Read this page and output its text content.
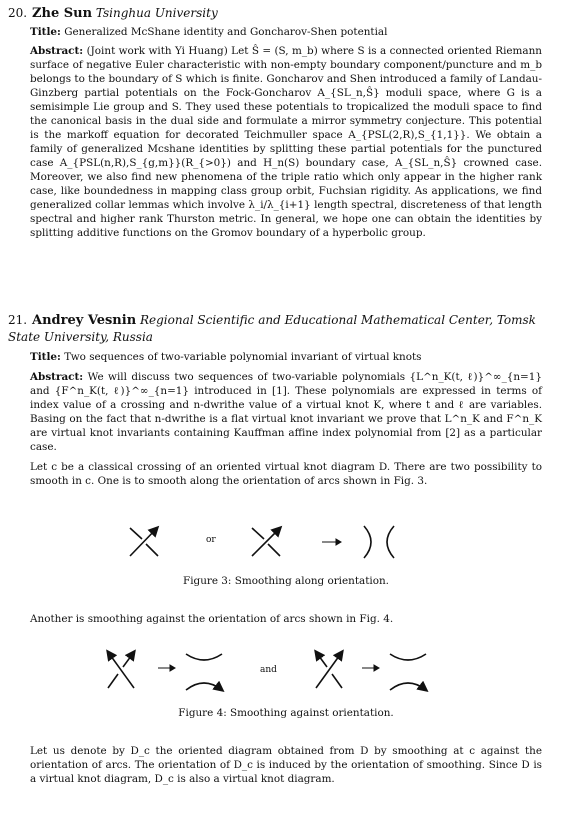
20. Zhe Sun Tsinghua University
Title: Generalized McShane identity and Goncharov-Shen potential

Abstract: (Joint work with Yi Huang) Let Ŝ = (S, m_b) where S is a connected oriented Riemann surface of negative Euler characteristic with non-empty boundary component/puncture and m_b belongs to the boundary of S which is finite. Goncharov and Shen introduced a family of Landau-Ginzberg partial potentials on the Fock-Goncharov A_{SL_n,Ŝ} moduli space, where G is a semisimple Lie group and S. They used these potentials to tropicalized the moduli space to find the canonical basis in the dual side and formulate a mirror symmetry conjecture. This potential is the markoff equation for decorated Teichmuller space A_{PSL(2,R),S_{1,1}}. We obtain a family of generalized Mcshane identities by splitting these partial potentials for the punctured case A_{PSL(n,R),S_{g,m}}(R_{>0}) and H_n(S) boundary case, A_{SL_n,Ŝ} crowned case. Moreover, we also find new phenomena of the triple ratio which only appear in the higher rank case, like boundedness in mapping class group orbit, Fuchsian rigidity. As applications, we find generalized collar lemmas which involve λ_i/λ_{i+1} length spectral, discreteness of that length spectral and higher rank Thurston metric. In general, we hope one can obtain the identities by splitting additive functions on the Gromov boundary of a hyperbolic group.

21. Andrey Vesnin Regional Scientific and Educational Mathematical Center, Tomsk State University, Russia
Title: Two sequences of two-variable polynomial invariant of virtual knots

Abstract: We will discuss two sequences of two-variable polynomials {L^n_K(t, ℓ)}^∞_{n=1} and {F^n_K(t, ℓ)}^∞_{n=1} introduced in [1]. These polynomials are expressed in terms of index value of a crossing and n-dwrithe value of a virtual knot K, where t and ℓ are variables. Basing on the fact that n-dwrithe is a flat virtual knot invariant we prove that L^n_K and F^n_K are virtual knot invariants containing Kauffman affine index polynomial from [2] as a particular case.

Let c be a classical crossing of an oriented virtual knot diagram D. There are two possibility to smooth in c. One is to smooth along the orientation of arcs shown in Fig. 3.

or
Figure 3: Smoothing along orientation.

Another is smoothing against the orientation of arcs shown in Fig. 4.

and
Figure 4: Smoothing against orientation.

Let us denote by D_c the oriented diagram obtained from D by smoothing at c against the orientation of arcs. The orientation of D_c is induced by the orientation of smoothing. Since D is a virtual knot diagram, D_c is also a virtual knot diagram.
